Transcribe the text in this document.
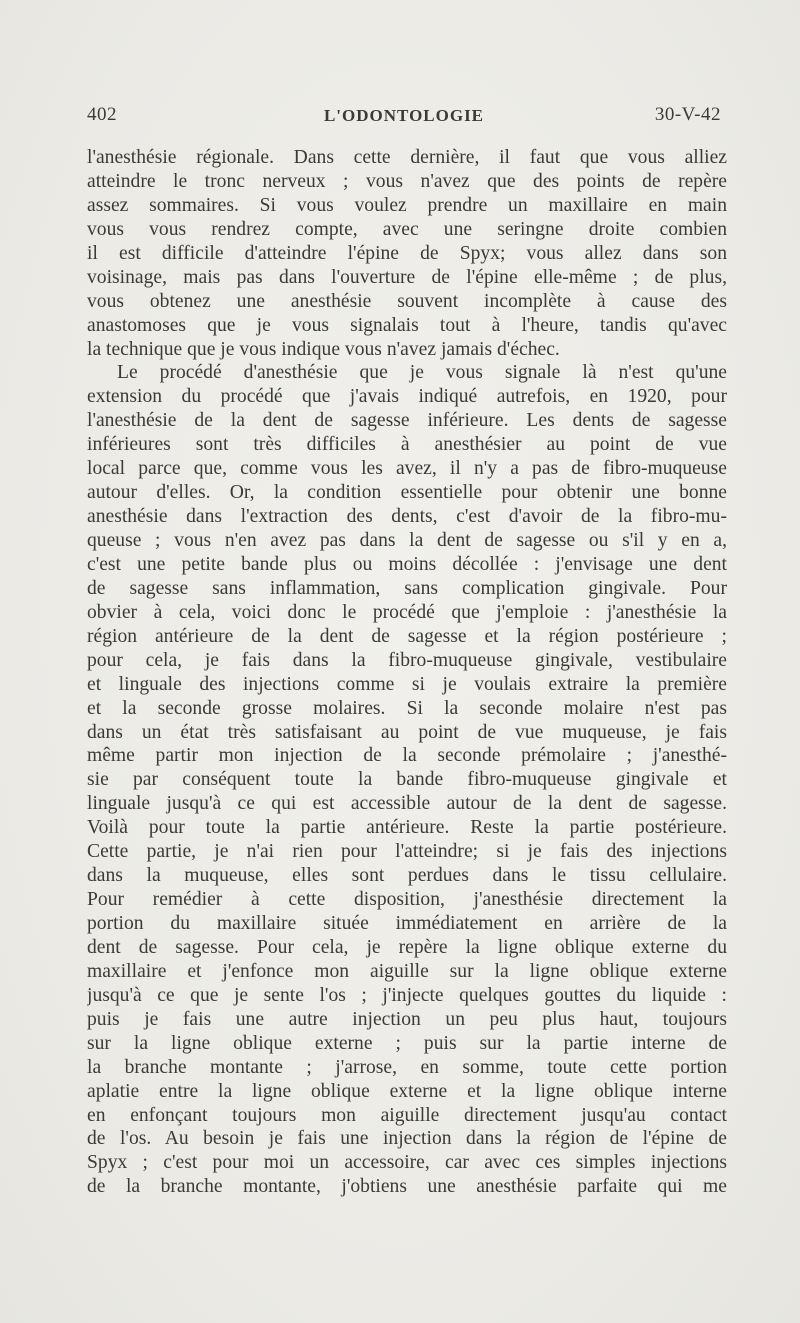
402	L'ODONTOLOGIE	30-V-42
l'anesthésie régionale. Dans cette dernière, il faut que vous alliez
atteindre le tronc nerveux ; vous n'avez que des points de repère
assez sommaires. Si vous voulez prendre un maxillaire en main
vous vous rendrez compte, avec une seringne droite combien
il est difficile d'atteindre l'épine de Spyx; vous allez dans son
voisinage, mais pas dans l'ouverture de l'épine elle-même ; de plus,
vous obtenez une anesthésie souvent incomplète à cause des
anastomoses que je vous signalais tout à l'heure, tandis qu'avec
la technique que je vous indique vous n'avez jamais d'échec.
Le procédé d'anesthésie que je vous signale là n'est qu'une
extension du procédé que j'avais indiqué autrefois, en 1920, pour
l'anesthésie de la dent de sagesse inférieure. Les dents de sagesse
inférieures sont très difficiles à anesthésier au point de vue
local parce que, comme vous les avez, il n'y a pas de fibro-muqueuse
autour d'elles. Or, la condition essentielle pour obtenir une bonne
anesthésie dans l'extraction des dents, c'est d'avoir de la fibro-mu-
queuse ; vous n'en avez pas dans la dent de sagesse ou s'il y en a,
c'est une petite bande plus ou moins décollée : j'envisage une dent
de sagesse sans inflammation, sans complication gingivale. Pour
obvier à cela, voici donc le procédé que j'emploie : j'anesthésie la
région antérieure de la dent de sagesse et la région postérieure ;
pour cela, je fais dans la fibro-muqueuse gingivale, vestibulaire
et linguale des injections comme si je voulais extraire la première
et la seconde grosse molaires. Si la seconde molaire n'est pas
dans un état très satisfaisant au point de vue muqueuse, je fais
même partir mon injection de la seconde prémolaire ; j'anesthé-
sie par conséquent toute la bande fibro-muqueuse gingivale et
linguale jusqu'à ce qui est accessible autour de la dent de sagesse.
Voilà pour toute la partie antérieure. Reste la partie postérieure.
Cette partie, je n'ai rien pour l'atteindre; si je fais des injections
dans la muqueuse, elles sont perdues dans le tissu cellulaire.
Pour remédier à cette disposition, j'anesthésie directement la
portion du maxillaire située immédiatement en arrière de la
dent de sagesse. Pour cela, je repère la ligne oblique externe du
maxillaire et j'enfonce mon aiguille sur la ligne oblique externe
jusqu'à ce que je sente l'os ; j'injecte quelques gouttes du liquide :
puis je fais une autre injection un peu plus haut, toujours
sur la ligne oblique externe ; puis sur la partie interne de
la branche montante ; j'arrose, en somme, toute cette portion
aplatie entre la ligne oblique externe et la ligne oblique interne
en enfonçant toujours mon aiguille directement jusqu'au contact
de l'os. Au besoin je fais une injection dans la région de l'épine de
Spyx ; c'est pour moi un accessoire, car avec ces simples injections
de la branche montante, j'obtiens une anesthésie parfaite qui me
